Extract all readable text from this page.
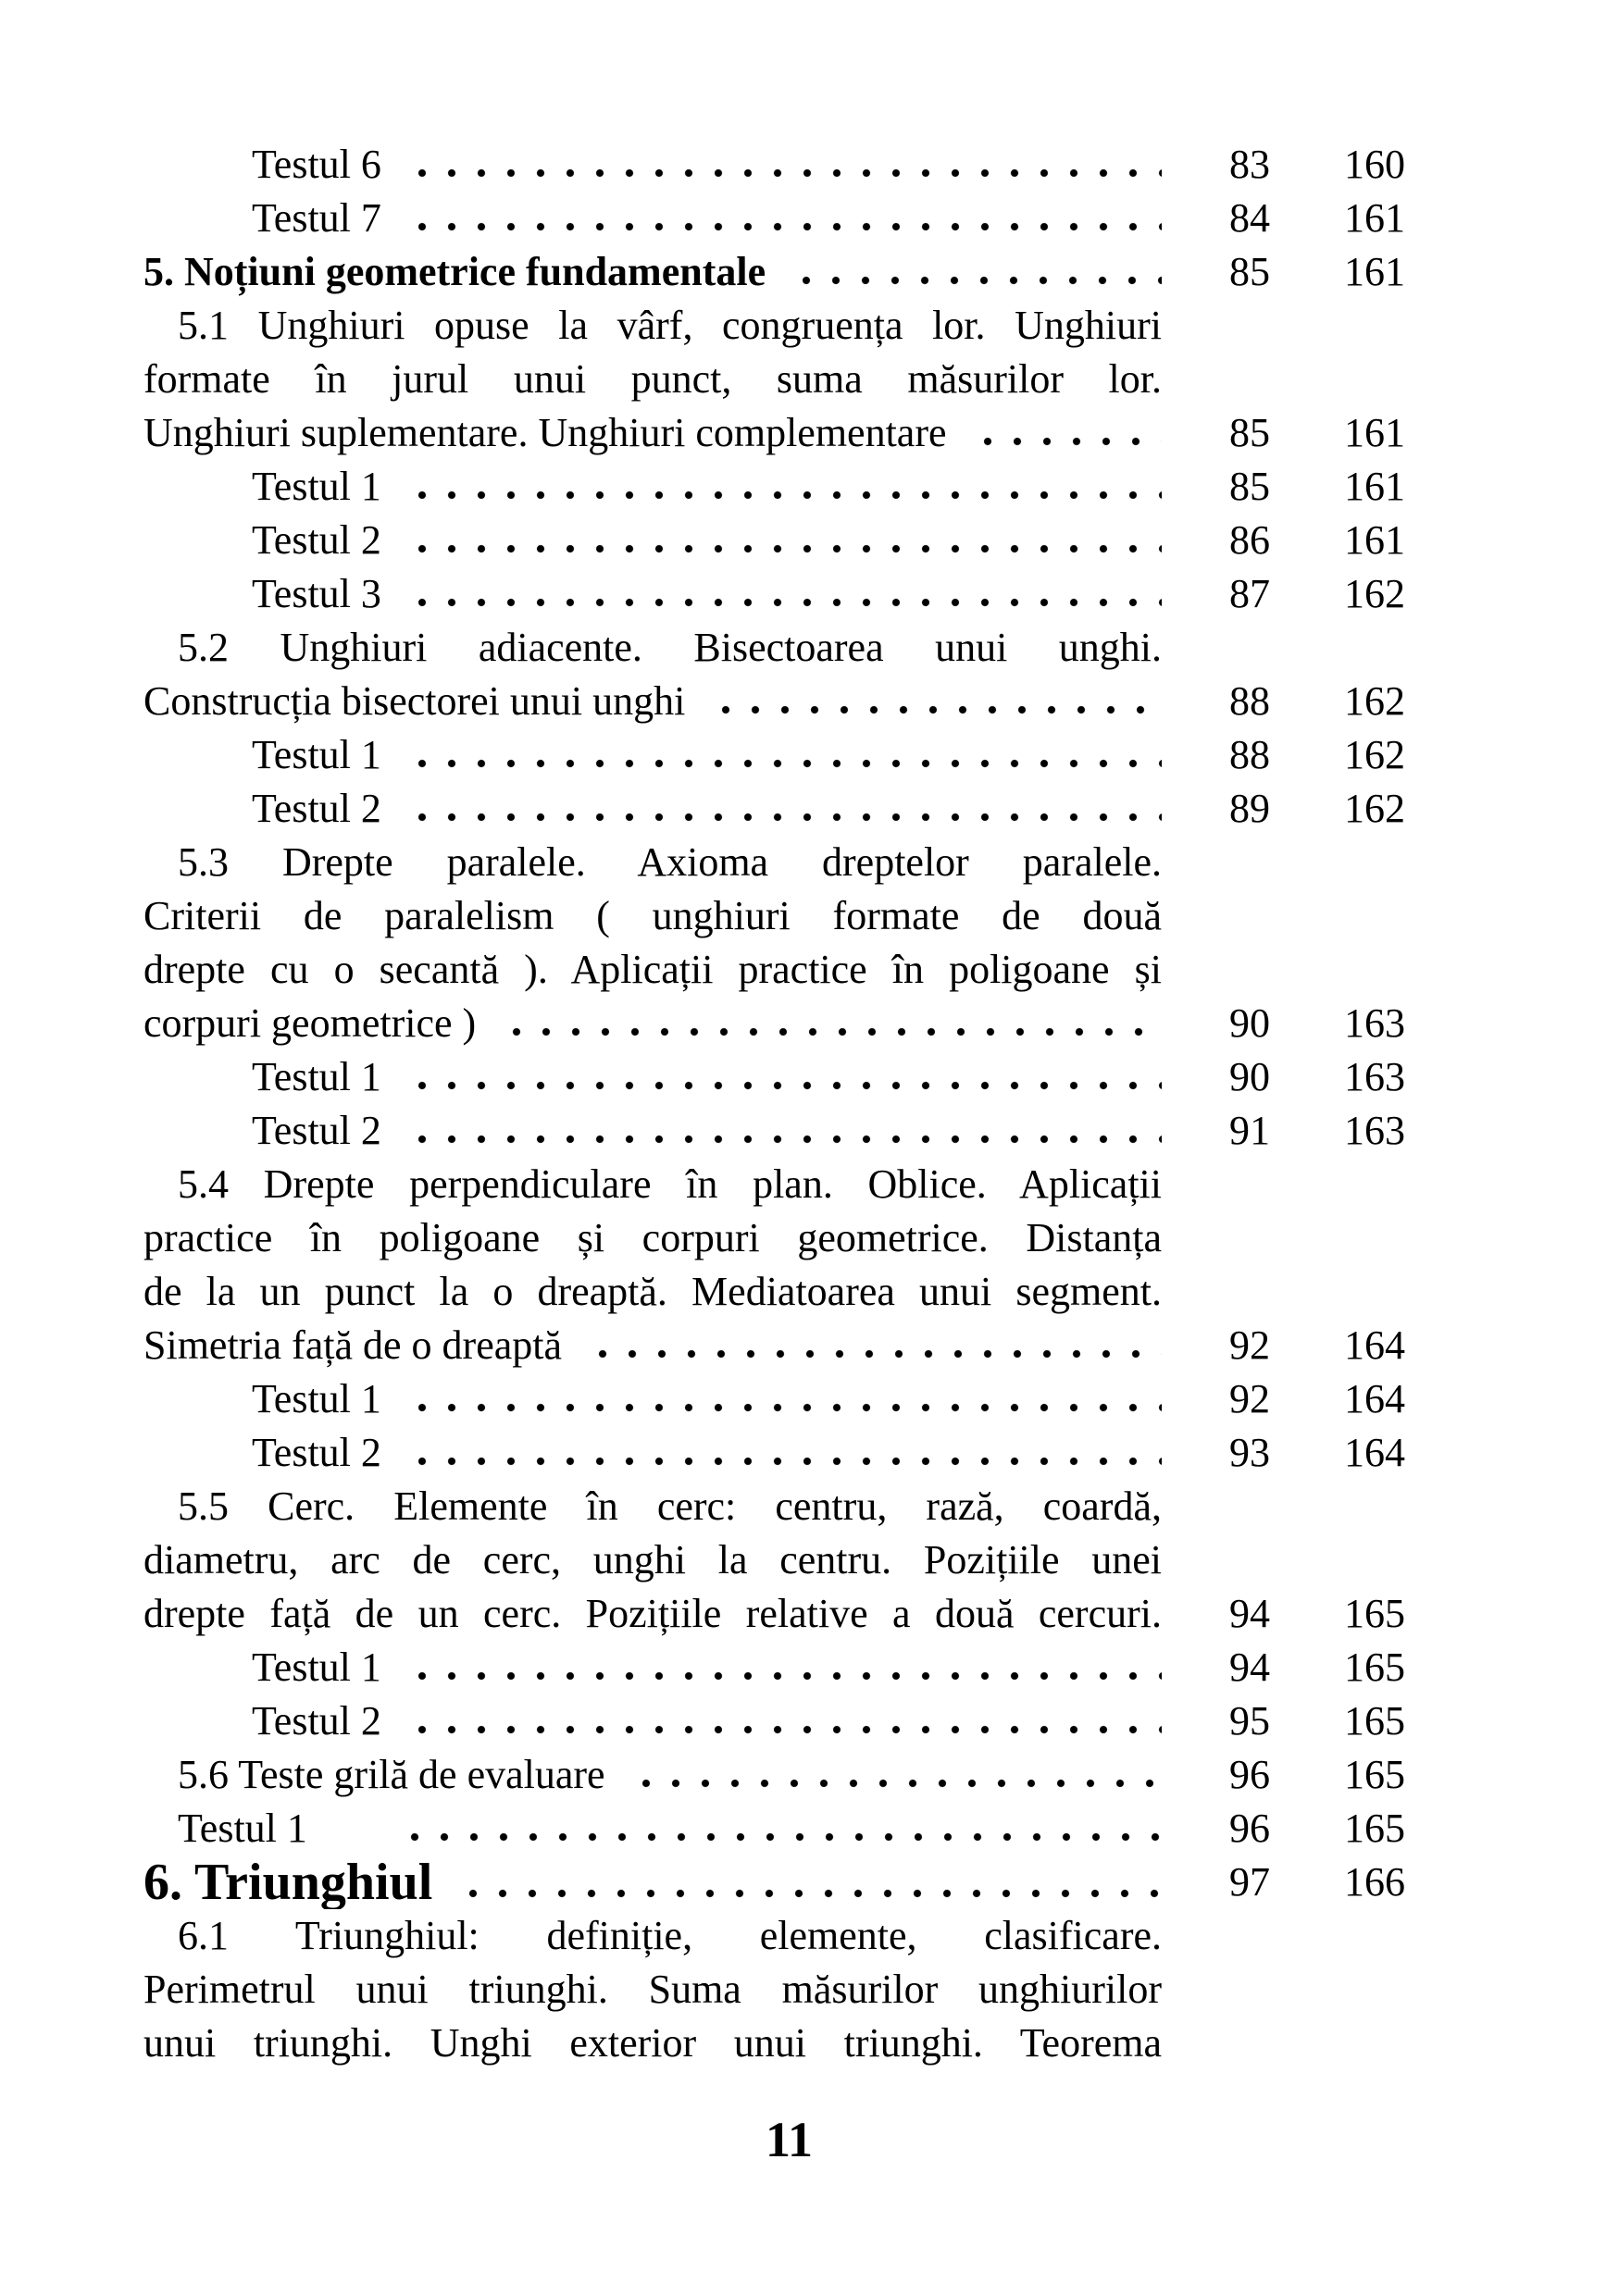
Testul 6	83	160
Testul 7	84	161
5. Noțiuni geometrice fundamentale	85	161
5.1 Unghiuri opuse la vârf, congruența lor. Unghiuri
formate în jurul unui punct, suma măsurilor lor.
Unghiuri suplementare. Unghiuri complementare	85	161
Testul 1	85	161
Testul 2	86	161
Testul 3	87	162
5.2 Unghiuri adiacente. Bisectoarea unui unghi.
Construcția bisectorei unui unghi	88	162
Testul 1	88	162
Testul 2	89	162
5.3 Drepte paralele. Axioma dreptelor paralele.
Criterii de paralelism ( unghiuri formate de două
drepte cu o secantă ). Aplicații practice în poligoane și
corpuri geometrice )	90	163
Testul 1	90	163
Testul 2	91	163
5.4 Drepte perpendiculare în plan. Oblice. Aplicații
practice în poligoane și corpuri geometrice. Distanța
de la un punct la o dreaptă. Mediatoarea unui segment.
Simetria față de o dreaptă	92	164
Testul 1	92	164
Testul 2	93	164
5.5 Cerc. Elemente în cerc: centru, rază, coardă,
diametru, arc de cerc, unghi la centru. Pozițiile unei
drepte față de un cerc. Pozițiile relative a două cercuri.	94	165
Testul 1	94	165
Testul 2	95	165
5.6 Teste grilă de evaluare	96	165
Testul 1	96	165
6. Triunghiul	97	166
6.1 Triunghiul: definiție, elemente, clasificare.
Perimetrul unui triunghi. Suma măsurilor unghiurilor
unui triunghi. Unghi exterior unui triunghi. Teorema
11
